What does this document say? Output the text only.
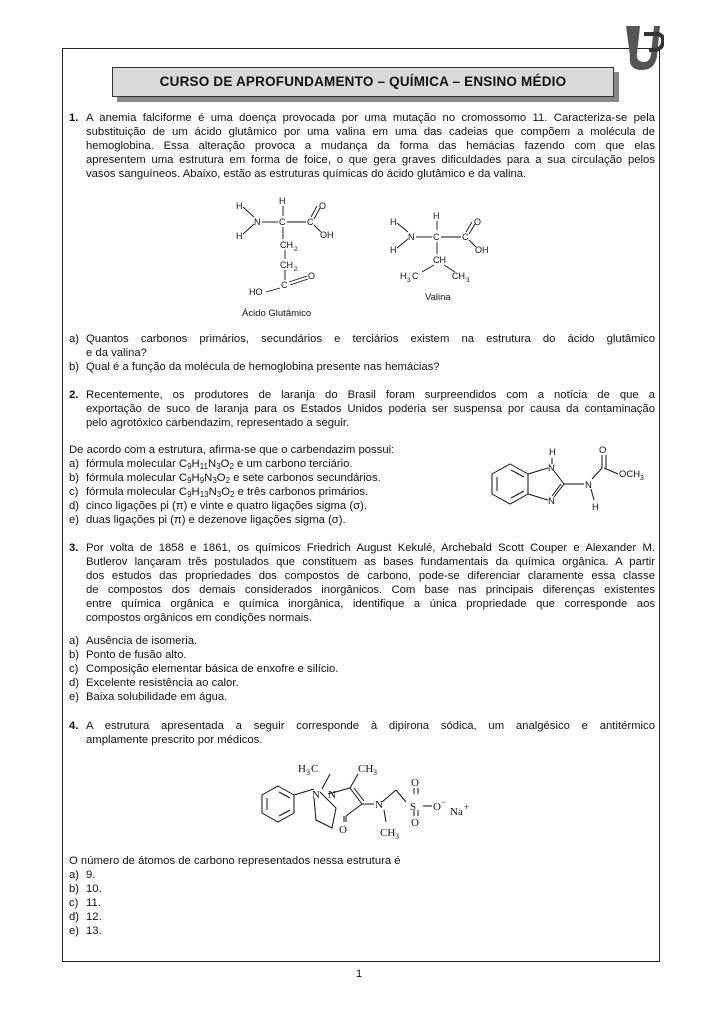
CURSO DE APROFUNDAMENTO – QUÍMICA – ENSINO MÉDIO
1. A anemia falciforme é uma doença provocada por uma mutação no cromossomo 11. Caracteriza-se pela
substituição de um ácido glutâmico por uma valina em uma das cadeias que compõem a molécula de
hemoglobina. Essa alteração provoca a mudança da forma das hemácias fazendo com que elas
apresentem uma estrutura em forma de foice, o que gera graves dificuldades para a sua circulação pelos
vasos sanguíneos. Abaixo, estão as estruturas químicas do ácido glutâmico e da valina.
H
H
N
H
C C
O
OH
CH 2
CH 2
C
O
HO
Ácido Glutâmico
H
H
N
H
C	C
O
OH
CH
H 3 C	CH 3
Valina
a) Quantos carbonos primários, secundários e terciários existem na estrutura do ácido glutâmico
e da valina?
b) Qual é a função da molécula de hemoglobina presente nas hemácias?
2. Recentemente, os produtores de laranja do Brasil foram surpreendidos com a notícia de que a
exportação de suco de laranja para os Estados Unidos poderia ser suspensa por causa da contaminação
pelo agrotóxico carbendazim, representado a seguir.
De acordo com a estrutura, afirma-se que o carbendazim possui:
a) fórmula molecular $C_9H_{11}N_3O_2$ e um carbono terciário.
b) fórmula molecular $C_9H_9N_3O_2$ e sete carbonos secundários.
c) fórmula molecular $C_9H_{13}N_3O_2$ e três carbonos primários.
d) cinco ligações pi (π) e vinte e quatro ligações sigma (σ).
e) duas ligações pi (π) e dezenove ligações sigma (σ).
H
N
N
N
O
OCH 3
H
3. Por volta de 1858 e 1861, os químicos Friedrich August Kekulé, Archebald Scott Couper e Alexander M.
Butlerov lançaram três postulados que constituem as bases fundamentais da química orgânica. A partir
dos estudos das propriedades dos compostos de carbono, pode-se diferenciar claramente essa classe
de compostos dos demais considerados inorgânicos. Com base nas principais diferenças existentes
entre química orgânica e química inorgânica, identifique a única propriedade que corresponde aos
compostos orgânicos em condições normais.
a) Ausência de isomeria.
b) Ponto de fusão alto.
c) Composição elementar básica de enxofre e silício.
d) Excelente resistência ao calor.
e) Baixa solubilidade em água.
4. A estrutura apresentada a seguir corresponde à dipirona sódica, um analgésico e antitérmico
amplamente prescrito por médicos.
H 3 C	CH 3
N N
O
N
CH 3
O
S
O
O −
Na +
O número de átomos de carbono representados nessa estrutura é
a) 9.
b) 10.
c) 11.
d) 12.
e) 13.
1
